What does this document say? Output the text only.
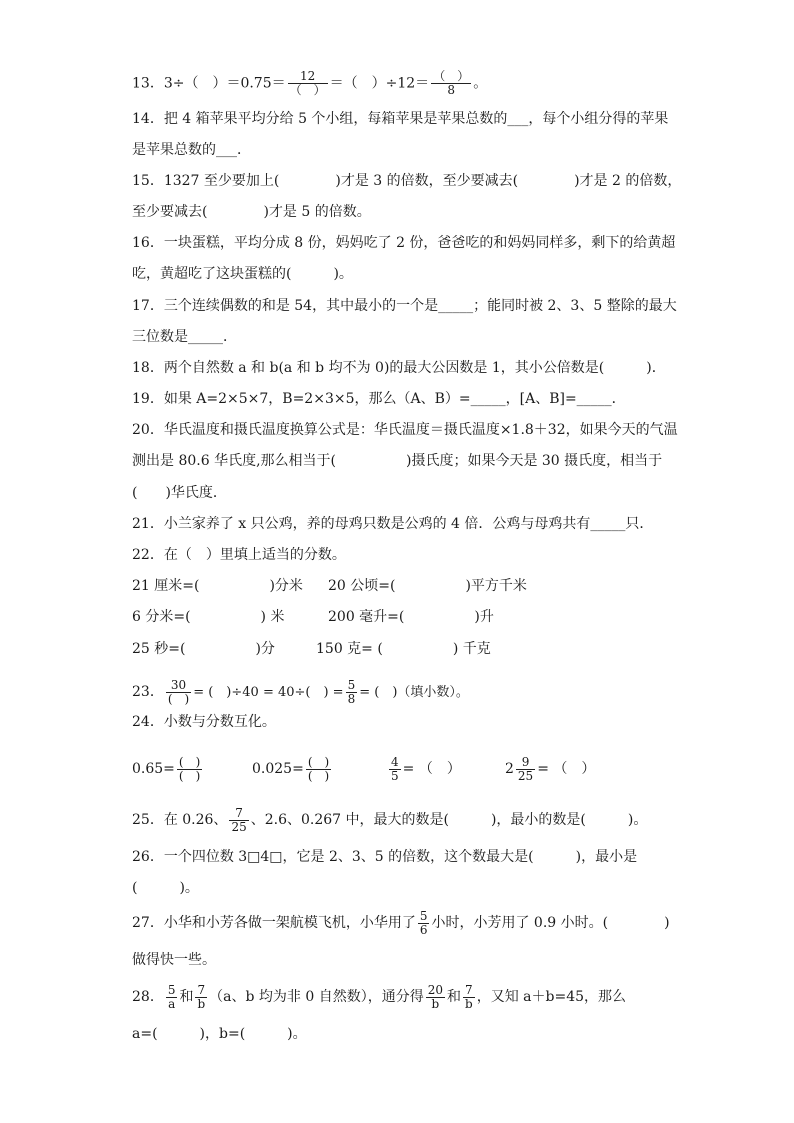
13．3÷（　）$=0.75= \frac{12}{( )}$ ＝（　）$\div 12= \frac{( )}{8}$ 。
14．把 4 箱苹果平均分给 5 个小组，每箱苹果是苹果总数的___，每个小组分得的苹果
是苹果总数的___．
15．1327 至少要加上(　　　　)才是 3 的倍数，至少要减去(　　　　)才是 2 的倍数，
至少要减去(　　　　)才是 5 的倍数。
16．一块蛋糕，平均分成 8 份，妈妈吃了 2 份，爸爸吃的和妈妈同样多，剩下的给黄超
吃，黄超吃了这块蛋糕的(　　　)。
17．三个连续偶数的和是 54，其中最小的一个是_____；能同时被 2、3、5 整除的最大
三位数是_____．
18．两个自然数 a 和 b(a 和 b 均不为 0)的最大公因数是 1，其小公倍数是(　　　)．
19．如果 A=2×5×7，B=2×3×5，那么（A、B）=_____，[A、B]=_____．
20．华氏温度和摄氏温度换算公式是：华氏温度＝摄氏温度×1.8＋32，如果今天的气温
测出是 80.6 华氏度,那么相当于(　　　　　)摄氏度；如果今天是 30 摄氏度，相当于
(　　)华氏度．
21．小兰家养了 x 只公鸡，养的母鸡只数是公鸡的 4 倍．公鸡与母鸡共有_____只．
22．在（　）里填上适当的分数。
21 厘米=(　　　　　)分米 20 公顷=(　　　　　)平方千米
6 分米=(　　　　　) 米	200 毫升=(　　　　　)升
25 秒=(　　　　　)分	150 克= (　　　　　) 千克
23． $\frac{30}{( )}$ = (　)÷40 = 40÷(　) = $\frac{5}{8}$ = (　)（填小数）。
24．小数与分数互化。
$0.65= \frac{( )}{( )}$	$0.025= \frac{( )}{( )}$	$\frac{4}{5}$ = （　）	$2 \frac{9}{25}$ = （　）
25．在 0.26、 $\frac{7}{25}$ 、2.6、0.267 中，最大的数是(　　　)，最小的数是(　　　)。
26．一个四位数 3□4□，它是 2、3、5 的倍数，这个数最大是(　　　)，最小是
(　　　)。
27．小华和小芳各做一架航模飞机，小华用了 $\frac{5}{6}$ 小时，小芳用了 0.9 小时。(　　　　)
做得快一些。
28． $\frac{5}{a}$ 和 $\frac{7}{b} (a$、b 均为非 0 自然数），通分得 $\frac{20}{b}$ 和 $\frac{7}{b}$ ，又知 a＋b=45，那么
a=(　　　)，b=(　　　)。
